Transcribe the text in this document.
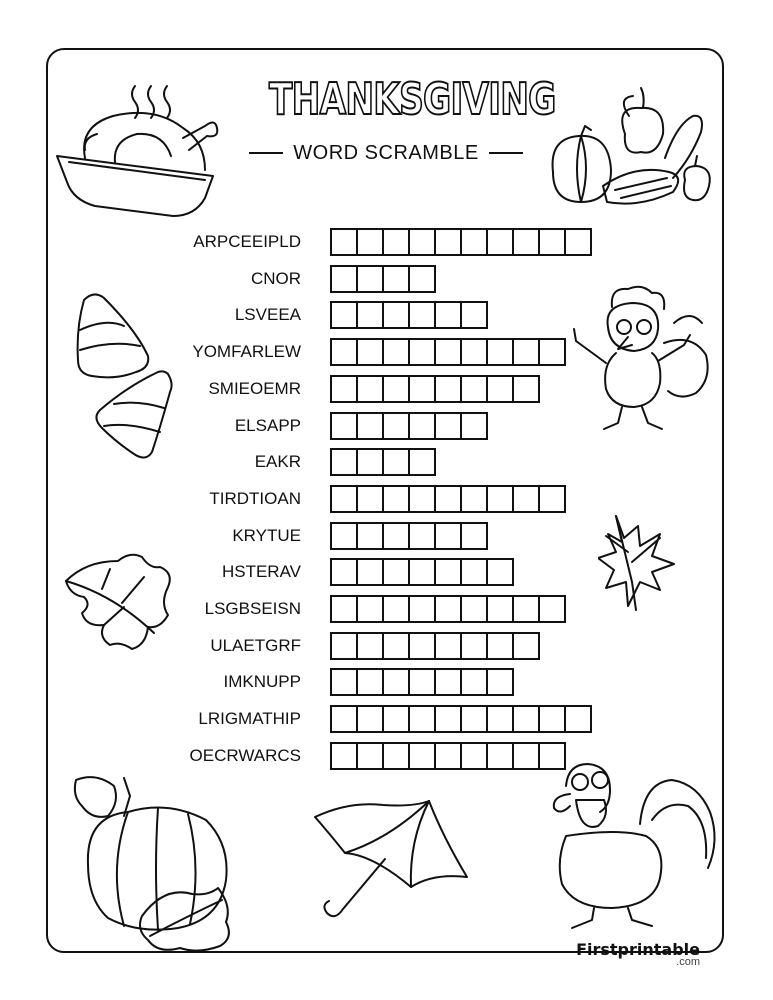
THANKSGIVING
WORD SCRAMBLE
ARPCEEIPLD
CNOR
LSVEEA
YOMFARLEW
SMIEOEMR
ELSAPP
EAKR
TIRDTIOAN
KRYTUE
HSTERAV
LSGBSEISN
ULAETGRF
IMKNUPP
LRIGMATHIP
OECRWARCS
Firstprintable
.com
